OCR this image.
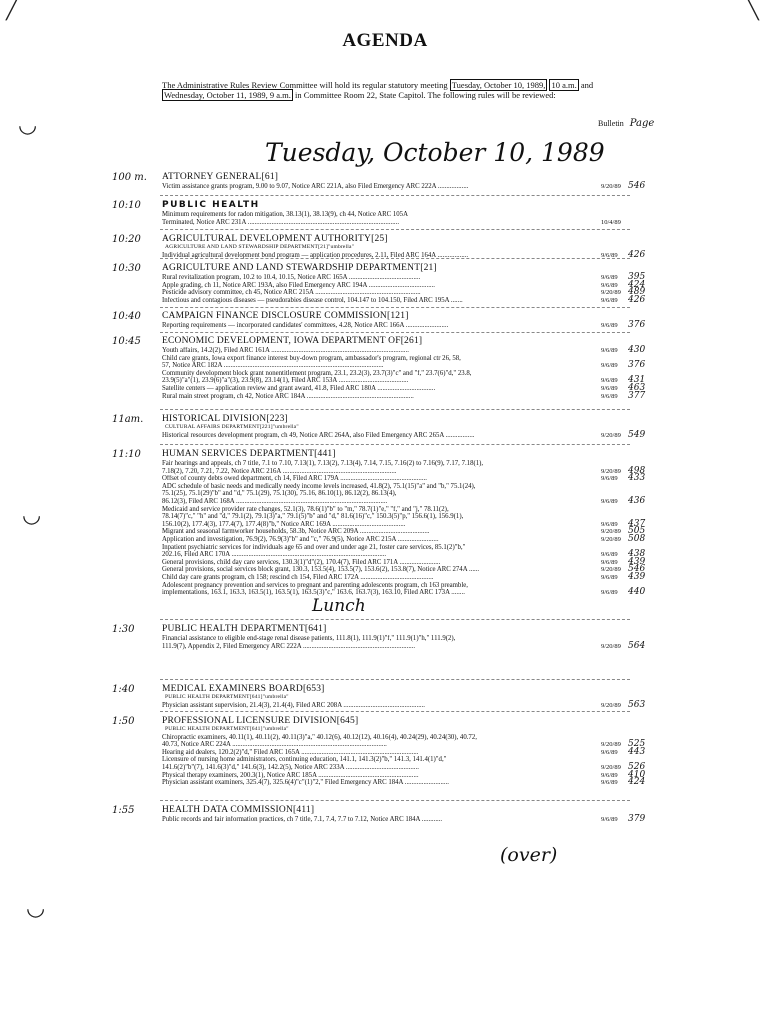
╱	╲
◡
◡
◡
AGENDA
The Administrative Rules Review Committee will hold its regular statutory meeting Tuesday, October 10, 1989, 10 a.m. and Wednesday, October 11, 1989, 9 a.m. in Committee Room 22, State Capitol. The following rules will be reviewed:
Bulletin Page
Tuesday, October 10, 1989
Lunch
(over)
100 m. ATTORNEY GENERAL[61]
Victim assistance grants program, 9.00 to 9.07, Notice ARC 221A, also Filed Emergency ARC 222A ..................	9/20/89 546
10:10 PUBLIC HEALTH
Minimum requirements for radon mitigation, 38.13(1), 38.13(9), ch 44, Notice ARC 105A
Terminated, Notice ARC 231A .........................................................................................	10/4/89
10:20 AGRICULTURAL DEVELOPMENT AUTHORITY[25]
AGRICULTURE AND LAND STEWARDSHIP DEPARTMENT[21]"umbrella"
Individual agricultural development bond program — application procedures, 2.11, Filed ARC 164A ..................	9/6/89 426
10:30 AGRICULTURE AND LAND STEWARDSHIP DEPARTMENT[21]
Rural revitalization program, 10.2 to 10.4, 10.15, Notice ARC 165A ..........................................	9/6/89 395
Apple grading, ch 11, Notice ARC 193A, also Filed Emergency ARC 194A .......................................	9/6/89 424
Pesticide advisory committee, ch 45, Notice ARC 215A ..............................................................	9/20/89 489
Infectious and contagious diseases — pseudorabies disease control, 104.147 to 104.150, Filed ARC 195A .......	9/6/89 426
10:40 CAMPAIGN FINANCE DISCLOSURE COMMISSION[121]
Reporting requirements — incorporated candidates' committees, 4.28, Notice ARC 166A .........................	9/6/89 376
10:45 ECONOMIC DEVELOPMENT, IOWA DEPARTMENT OF[261]
Youth affairs, 14.2(2), Filed ARC 161A .................................................................................	9/6/89 430
Child care grants, Iowa export finance interest buy-down program, ambassador's program, regional ctr 26, 58,
57, Notice ARC 182A ..............................................................................................	9/6/89 376
Community development block grant nonentitlement program, 23.1, 23.2(3), 23.7(3)"c" and "f," 23.7(6)"d," 23.8,
23.9(5)"a"(1), 23.9(6)"a"(3), 23.9(8), 23.14(1), Filed ARC 153A .........................................	9/6/89 431
Satellite centers — application review and grant award, 41.8, Filed ARC 180A ..................................	9/6/89 463
Rural main street program, ch 42, Notice ARC 184A ...............................................................	9/6/89 377
11am. HISTORICAL DIVISION[223]
CULTURAL AFFAIRS DEPARTMENT[221]"umbrella"
Historical resources development program, ch 49, Notice ARC 264A, also Filed Emergency ARC 265A .................	9/20/89 549
11:10 HUMAN SERVICES DEPARTMENT[441]
Fair hearings and appeals, ch 7 title, 7.1 to 7.10, 7.13(1), 7.13(2), 7.13(4), 7.14, 7.15, 7.16(2) to 7.16(9), 7.17, 7.18(1),
7.18(2), 7.20, 7.21, 7.22, Notice ARC 216A ...................................................................	9/20/89 498
Offset of county debts owed department, ch 14, Filed ARC 179A ...................................................	9/6/89 433
ADC schedule of basic needs and medically needy income levels increased, 41.8(2), 75.1(15)"a" and "b," 75.1(24),
75.1(25), 75.1(29)"b" and "d," 75.1(29), 75.1(30), 75.16, 86.10(1), 86.12(2), 86.13(4),
86.12(3), Filed ARC 168A .........................................................................................	9/6/89 436
Medicaid and service provider rate changes, 52.1(3), 78.6(1)"b" to "m," 78.7(1)"e," "f," and "j," 78.11(2),
78.14(7)"c," "h" and "d," 79.1(2), 79.1(3)"a," 79.1(5)"b" and "d," 81.6(16)"c," 150.3(5)"p," 156.6(1), 156.9(1),
156.10(2), 177.4(3), 177.4(7), 177.4(8)"b," Notice ARC 169A ...........................................	9/6/89 437
Migrant and seasonal farmworker households, 58.3b, Notice ARC 209A .........................................	9/20/89 505
Application and investigation, 76.9(2), 76.9(3)"b" and "c," 76.9(5), Notice ARC 215A ........................	9/20/89 508
Inpatient psychiatric services for individuals age 65 and over and under age 21, foster care services, 85.1(2)"b,"
202.16, Filed ARC 170A ...........................................................................................	9/6/89 438
General provisions, child day care services, 130.3(1)"d"(2), 170.4(7), Filed ARC 171A ........................	9/6/89 439
General provisions, social services block grant, 130.3, 153.5(4), 153.5(7), 153.6(2), 153.8(7), Notice ARC 274A ......	9/20/89 546
Child day care grants program, ch 158; rescind ch 154, Filed ARC 172A ...........................................	9/6/89 439
Adolescent pregnancy prevention and services to pregnant and parenting adolescents program, ch 163 preamble,
implementations, 163.1, 163.3, 163.5(1), 163.5(1), 163.5(3)"c," 163.6, 163.7(3), 163.10, Filed ARC 173A ........	9/6/89 440
1:30	PUBLIC HEALTH DEPARTMENT[641]
Financial assistance to eligible end-stage renal disease patients, 111.8(1), 111.9(1)"f," 111.9(1)"h," 111.9(2),
111.9(7), Appendix 2, Filed Emergency ARC 222A ..................................................................	9/20/89 564
1:40	MEDICAL EXAMINERS BOARD[653]
PUBLIC HEALTH DEPARTMENT[641]"umbrella"
Physician assistant supervision, 21.4(3), 21.4(4), Filed ARC 208A ................................................	9/20/89 563
1:50	PROFESSIONAL LICENSURE DIVISION[645]
PUBLIC HEALTH DEPARTMENT[641]"umbrella"
Chiropractic examiners, 40.11(1), 40.11(2), 40.11(3)"a," 40.12(6), 40.12(12), 40.16(4), 40.24(29), 40.24(30), 40.72,
40.73, Notice ARC 224A ...........................................................................................	9/20/89 525
Hearing aid dealers, 120.2(2)"d," Filed ARC 165A .....................................................................	9/6/89 443
Licensure of nursing home administrators, continuing education, 141.1, 141.3(2)"b," 141.3, 141.4(1)"d,"
141.6(2)"b"(7), 141.6(3)"d," 141.6(3), 142.2(5), Notice ARC 233A ...........................................	9/20/89 526
Physical therapy examiners, 200.3(1), Notice ARC 185A ...........................................................	9/6/89 410
Physician assistant examiners, 325.4(7), 325.6(4)"c"(1)"2," Filed Emergency ARC 184A ..........................	9/6/89 424
1:55	HEALTH DATA COMMISSION[411]
Public records and fair information practices, ch 7 title, 7.1, 7.4, 7.7 to 7.12, Notice ARC 184A ............	9/6/89 379
